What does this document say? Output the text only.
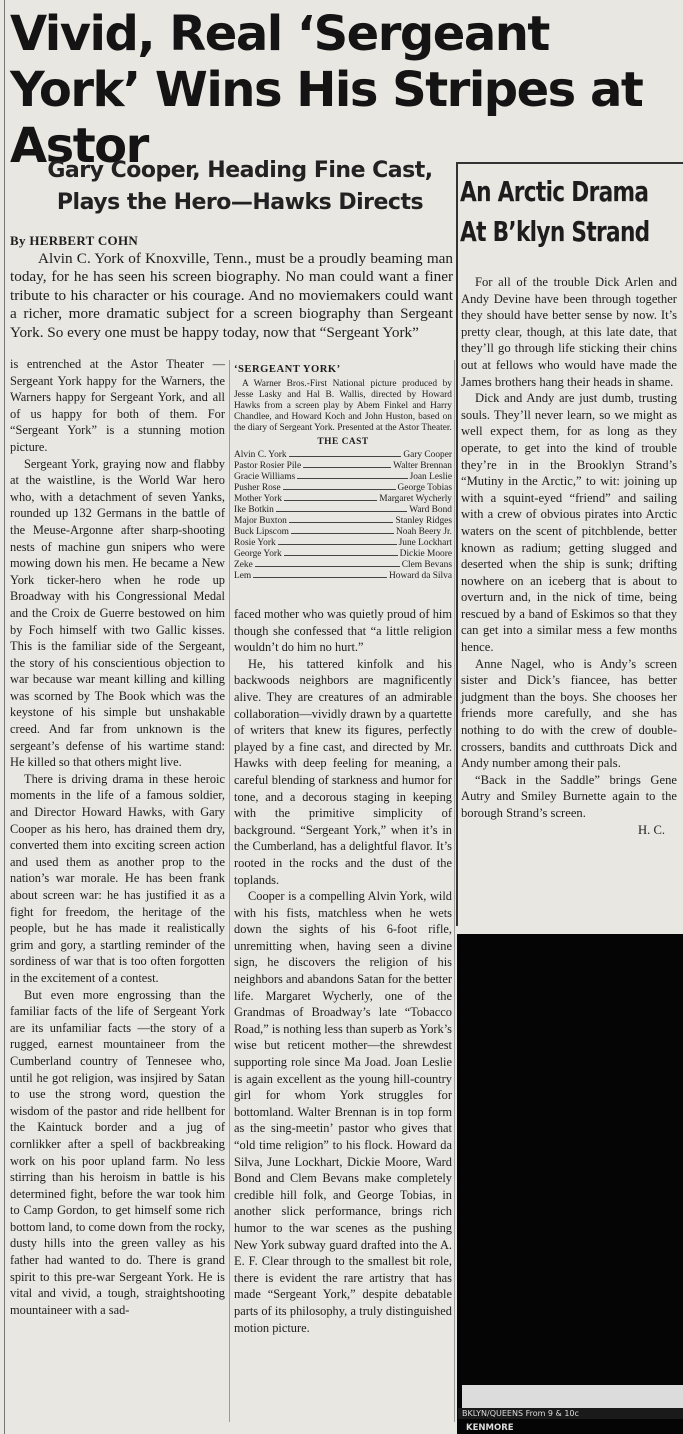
Vivid, Real ‘Sergeant York’ Wins His Stripes at Astor
Gary Cooper, Heading Fine Cast, Plays the Hero—Hawks Directs
By HERBERT COHN

Alvin C. York of Knoxville, Tenn., must be a proudly beaming man today, for he has seen his screen biography. No man could want a finer tribute to his character or his courage. And no moviemakers could want a richer, more dramatic subject for a screen biography than Sergeant York. So every one must be happy today, now that “Sergeant York”

is entrenched at the Astor Theater —Sergeant York happy for the Warners, the Warners happy for Sergeant York, and all of us happy for both of them. For “Sergeant York” is a stunning motion picture.

Sergeant York, graying now and flabby at the waistline, is the World War hero who, with a detachment of seven Yanks, rounded up 132 Germans in the battle of the Meuse-Argonne after sharp-shooting nests of machine gun snipers who were mowing down his men. He became a New York ticker-hero when he rode up Broadway with his Congressional Medal and the Croix de Guerre bestowed on him by Foch himself with two Gallic kisses. This is the familiar side of the Sergeant, the story of his conscientious objection to war because war meant killing and killing was scorned by The Book which was the keystone of his simple but unshakable creed. And far from unknown is the sergeant’s defense of his wartime stand: He killed so that others might live.

There is driving drama in these heroic moments in the life of a famous soldier, and Director Howard Hawks, with Gary Cooper as his hero, has drained them dry, converted them into exciting screen action and used them as another prop to the nation’s war morale. He has been frank about screen war: he has justified it as a fight for freedom, the heritage of the people, but he has made it realistically grim and gory, a startling reminder of the sordiness of war that is too often forgotten in the excitement of a contest.

But even more engrossing than the familiar facts of the life of Sergeant York are its unfamiliar facts —the story of a rugged, earnest mountaineer from the Cumberland country of Tennesee who, until he got religion, was insjired by Satan to use the strong word, question the wisdom of the pastor and ride hellbent for the Kaintuck border and a jug of cornlikker after a spell of backbreaking work on his poor upland farm. No less stirring than his heroism in battle is his determined fight, before the war took him to Camp Gordon, to get himself some rich bottom land, to come down from the rocky, dusty hills into the green valley as his father had wanted to do. There is grand spirit to this pre-war Sergeant York. He is vital and vivid, a tough, straightshooting mountaineer with a sad-

‘SERGEANT YORK’
A Warner Bros.-First National picture produced by Jesse Lasky and Hal B. Wallis, directed by Howard Hawks from a screen play by Abem Finkel and Harry Chandlee, and Howard Koch and John Huston, based on the diary of Sergeant York. Presented at the Astor Theater.
THE CAST
Alvin C. York	Gary Cooper
Pastor Rosier Pile	Walter Brennan
Gracie Williams	Joan Leslie
Pusher Rose	George Tobias
Mother York	Margaret Wycherly
Ike Botkin	Ward Bond
Major Buxton	Stanley Ridges
Buck Lipscom	Noah Beery Jr.
Rosie York	June Lockhart
George York	Dickie Moore
Zeke	Clem Bevans
Lem	Howard da Silva

faced mother who was quietly proud of him though she confessed that “a little religion wouldn’t do him no hurt.”

He, his tattered kinfolk and his backwoods neighbors are magnificently alive. They are creatures of an admirable collaboration—vividly drawn by a quartette of writers that knew its figures, perfectly played by a fine cast, and directed by Mr. Hawks with deep feeling for meaning, a careful blending of starkness and humor for tone, and a decorous staging in keeping with the primitive simplicity of background. “Sergeant York,” when it’s in the Cumberland, has a delightful flavor. It’s rooted in the rocks and the dust of the toplands.

Cooper is a compelling Alvin York, wild with his fists, matchless when he wets down the sights of his 6-foot rifle, unremitting when, having seen a divine sign, he discovers the religion of his neighbors and abandons Satan for the better life. Margaret Wycherly, one of the Grandmas of Broadway’s late “Tobacco Road,” is nothing less than superb as York’s wise but reticent mother—the shrewdest supporting role since Ma Joad. Joan Leslie is again excellent as the young hill-country girl for whom York struggles for bottomland. Walter Brennan is in top form as the sing-meetin’ pastor who gives that “old time religion” to his flock. Howard da Silva, June Lockhart, Dickie Moore, Ward Bond and Clem Bevans make completely credible hill folk, and George Tobias, in another slick performance, brings rich humor to the war scenes as the pushing New York subway guard drafted into the A. E. F. Clear through to the smallest bit role, there is evident the rare artistry that has made “Sergeant York,” despite debatable parts of its philosophy, a truly distinguished motion picture.

An Arctic Drama At B’klyn Strand

For all of the trouble Dick Arlen and Andy Devine have been through together they should have better sense by now. It’s pretty clear, though, at this late date, that they’ll go through life sticking their chins out at fellows who would have made the James brothers hang their heads in shame.

Dick and Andy are just dumb, trusting souls. They’ll never learn, so we might as well expect them, for as long as they operate, to get into the kind of trouble they’re in in the Brooklyn Strand’s “Mutiny in the Arctic,” to wit: joining up with a squint-eyed “friend” and sailing with a crew of obvious pirates into Arctic waters on the scent of pitchblende, better known as radium; getting slugged and deserted when the ship is sunk; drifting nowhere on an iceberg that is about to overturn and, in the nick of time, being rescued by a band of Eskimos so that they can get into a similar mess a few months hence.

Anne Nagel, who is Andy’s screen sister and Dick’s fiancee, has better judgment than the boys. She chooses her friends more carefully, and she has nothing to do with the crew of double-crossers, bandits and cutthroats Dick and Andy number among their pals.

“Back in the Saddle” brings Gene Autry and Smiley Burnette again to the borough Strand’s screen.

H. C.

BKLYN/QUEENS From 9 & 10c
KENMORE
